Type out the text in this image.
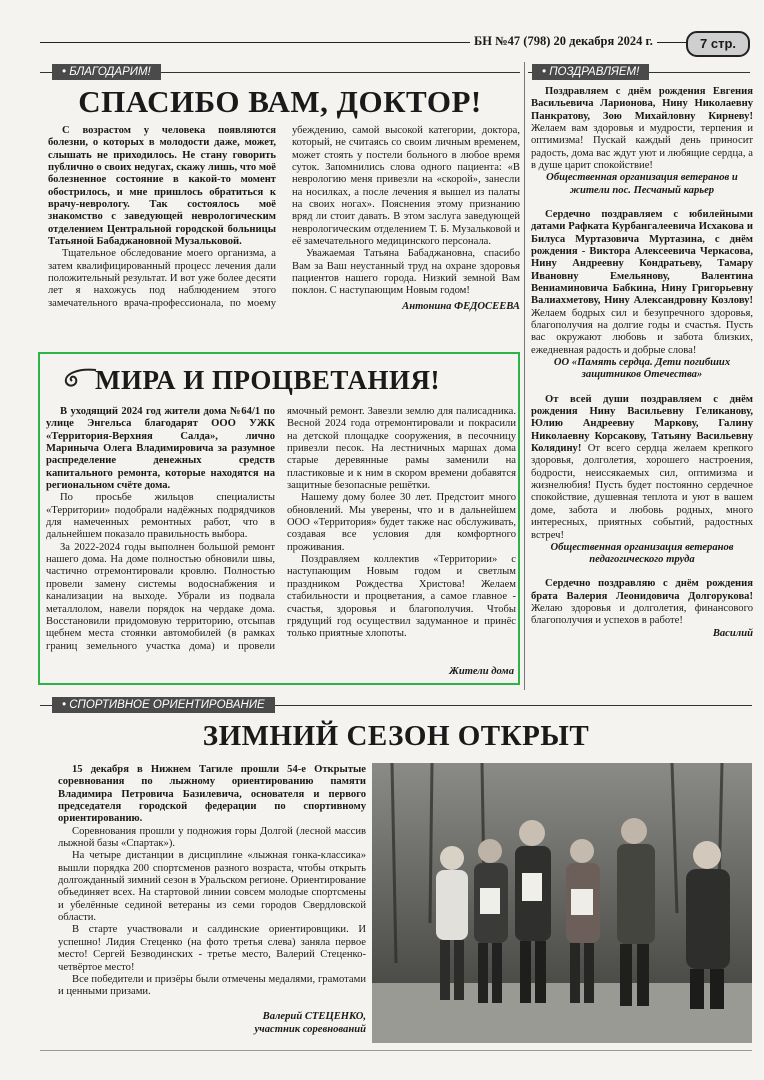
БН №47 (798) 20 декабря 2024 г.	7 стр.
• БЛАГОДАРИМ!
СПАСИБО ВАМ, ДОКТОР!

С возрастом у человека появляются болезни, о которых в молодости даже, может, слышать не приходилось. Не стану говорить публично о своих недугах, скажу лишь, что моё болезненное состояние в какой-то момент обострилось, и мне пришлось обратиться к врачу-неврологу. Так состоялось моё знакомство с заведующей неврологическим отделением Центральной городской больницы Татьяной Бабаджановной Музальковой.

Тщательное обследование моего организма, а затем квалифицированный процесс лечения дали положительный результат. И вот уже более десяти лет я нахожусь под наблюдением этого замечательного врача-профессионала, по моему убеждению, самой высокой категории, доктора, который, не считаясь со своим личным временем, может стоять у постели больного в любое время суток. Запомнились слова одного пациента: «В неврологию меня привезли на «скорой», занесли на носилках, а после лечения я вышел из палаты на своих ногах». Пояснения этому признанию вряд ли стоит давать. В этом заслуга заведующей неврологическим отделением Т. Б. Музальковой и её замечательного медицинского персонала.

Уважаемая Татьяна Бабаджановна, спасибо Вам за Ваш неустанный труд на охране здоровья пациентов нашего города. Низкий земной Вам поклон. С наступающим Новым годом!

Антонина ФЕДОСЕЕВА
МИРА И ПРОЦВЕТАНИЯ!

В уходящий 2024 год жители дома №64/1 по улице Энгельса благодарят ООО УЖК «Территория-Верхняя Салда», лично Мариныча Олега Владимировича за разумное распределение денежных средств капитального ремонта, которые находятся на региональном счёте дома.

По просьбе жильцов специалисты «Территории» подобрали надёжных подрядчиков для намеченных ремонтных работ, что в дальнейшем показало правильность выбора.

За 2022-2024 годы выполнен большой ремонт нашего дома. На доме полностью обновили швы, частично отремонтировали кровлю. Полностью провели замену системы водоснабжения и канализации на выходе. Убрали из подвала металлолом, навели порядок на чердаке дома. Восстановили придомовую территорию, отсыпав щебнем места стоянки автомобилей (в рамках границ земельного участка дома) и провели ямочный ремонт. Завезли землю для палисадника. Весной 2024 года отремонтировали и покрасили на детской площадке сооружения, в песочницу привезли песок. На лестничных маршах дома старые деревянные рамы заменили на пластиковые и к ним в скором времени добавятся защитные безопасные решётки.

Нашему дому более 30 лет. Предстоит много обновлений. Мы уверены, что и в дальнейшем ООО «Территория» будет также нас обслуживать, создавая все условия для комфортного проживания.

Поздравляем коллектив «Территории» с наступающим Новым годом и светлым праздником Рождества Христова! Желаем стабильности и процветания, а самое главное - счастья, здоровья и благополучия. Чтобы грядущий год осуществил задуманное и принёс только приятные хлопоты.

Жители дома
• ПОЗДРАВЛЯЕМ!

Поздравляем с днём рождения Евгения Васильевича Ларионова, Нину Николаевну Панкратову, Зою Михайловну Кирневу! Желаем вам здоровья и мудрости, терпения и оптимизма! Пускай каждый день приносит радость, дома вас ждут уют и любящие сердца, а в душе царит спокойствие!

Общественная организация ветеранов и жители пос. Песчаный карьер

Сердечно поздравляем с юбилейными датами Рафката Курбангалеевича Исхакова и Билуса Муртазовича Муртазина, с днём рождения - Виктора Алексеевича Черкасова, Нину Андреевну Кондратьеву, Тамару Ивановну Емельянову, Валентина Вениаминовича Бабкина, Нину Григорьевну Валиахметову, Нину Александровну Козлову! Желаем бодрых сил и безупречного здоровья, благополучия на долгие годы и счастья. Пусть вас окружают любовь и забота близких, ежедневная радость и добрые слова!

ОО «Память сердца. Дети погибших защитников Отечества»

От всей души поздравляем с днём рождения Нину Васильевну Геликанову, Юлию Андреевну Маркову, Галину Николаевну Корсакову, Татьяну Васильевну Колядину! От всего сердца желаем крепкого здоровья, долголетия, хорошего настроения, бодрости, неиссякаемых сил, оптимизма и жизнелюбия! Пусть будет постоянно сердечное спокойствие, душевная теплота и уют в вашем доме, забота и любовь родных, много интересных, приятных событий, радостных встреч!

Общественная организация ветеранов педагогического труда

Сердечно поздравляю с днём рождения брата Валерия Леонидовича Долгорукова! Желаю здоровья и долголетия, финансового благополучия и успехов в работе!

Василий
• СПОРТИВНОЕ ОРИЕНТИРОВАНИЕ
ЗИМНИЙ СЕЗОН ОТКРЫТ

15 декабря в Нижнем Тагиле прошли 54-е Открытые соревнования по лыжному ориентированию памяти Владимира Петровича Базилевича, основателя и первого председателя городской федерации по спортивному ориентированию.

Соревнования прошли у подножия горы Долгой (лесной массив лыжной базы «Спартак»).

На четыре дистанции в дисциплине «лыжная гонка-классика» вышли порядка 200 спортсменов разного возраста, чтобы открыть долгожданный зимний сезон в Уральском регионе. Ориентирование объединяет всех. На стартовой линии совсем молодые спортсмены и убелённые сединой ветераны из семи городов Свердловской области.

В старте участвовали и салдинские ориентировщики. И успешно! Лидия Стеценко (на фото третья слева) заняла первое место! Сергей Безводинских - третье место, Валерий Стеценко- четвёртое место!

Все победители и призёры были отмечены медалями, грамотами и ценными призами.

Валерий СТЕЦЕНКО,
участник соревнований
